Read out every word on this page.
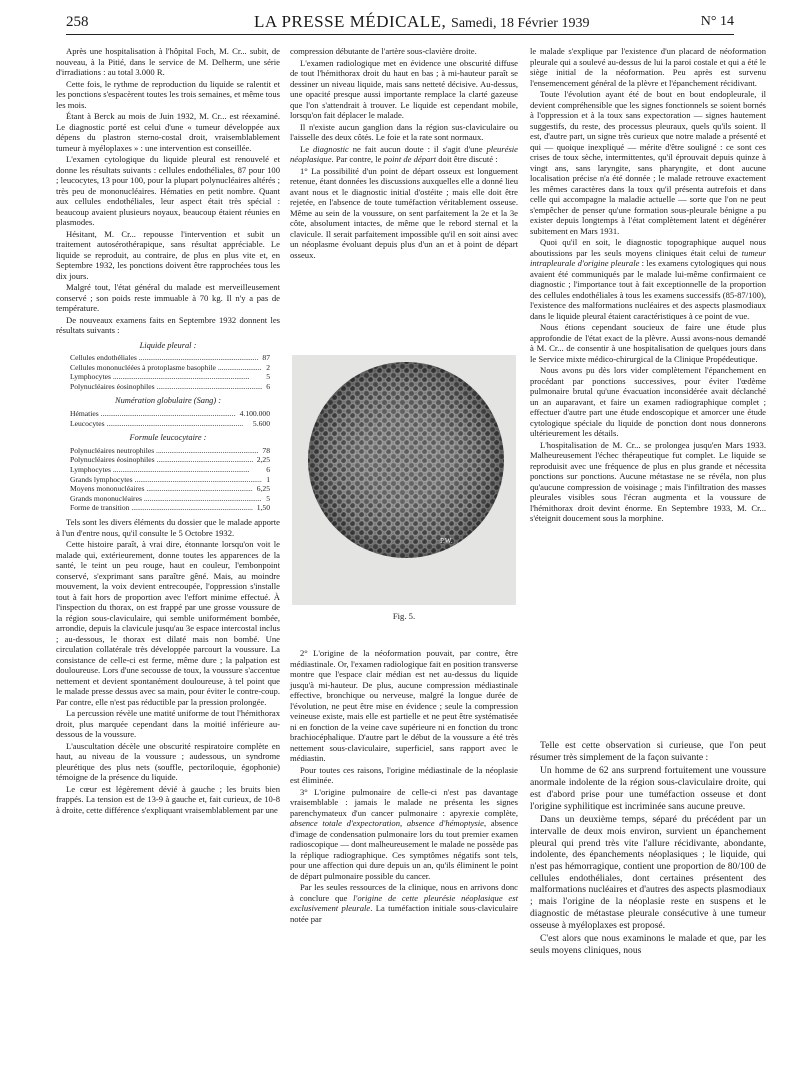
258	LA PRESSE MÉDICALE, Samedi, 18 Février 1939	N° 14

Après une hospitalisation à l'hôpital Foch, M. Cr... subit, de nouveau, à la Pitié, dans le service de M. Delherm, une série d'irradiations : au total 3.000 R.

Cette fois, le rythme de reproduction du liquide se ralentit et les ponctions s'espacèrent toutes les trois semaines, et même tous les mois.

Étant à Berck au mois de Juin 1932, M. Cr... est réexaminé. Le diagnostic porté est celui d'une « tumeur développée aux dépens du plastron sterno-costal droit, vraisemblablement tumeur à myéloplaxes » : une intervention est conseillée.

L'examen cytologique du liquide pleural est renouvelé et donne les résultats suivants : cellules endothéliales, 87 pour 100 ; leucocytes, 13 pour 100, pour la plupart polynucléaires altérés ; très peu de mononucléaires. Hématies en petit nombre. Quant aux cellules endothéliales, leur aspect était très spécial : beaucoup avaient plusieurs noyaux, beaucoup étaient réunies en plasmodes.

Hésitant, M. Cr... repousse l'intervention et subit un traitement autosérothérapique, sans résultat appréciable. Le liquide se reproduit, au contraire, de plus en plus vite et, en Septembre 1932, les ponctions doivent être rapprochées tous les dix jours.

Malgré tout, l'état général du malade est merveilleusement conservé ; son poids reste immuable à 70 kg. Il n'y a pas de température.

De nouveaux examens faits en Septembre 1932 donnent les résultats suivants :

Liquide pleural :
Cellules endothéliales .....	87
Cellules mononucléées à protoplasme basophile .....	2
Lymphocytes .....	5
Polynucléaires éosinophiles .....	6
Numération globulaire (Sang) :
Hématies .....	4.100.000
Leucocytes .....	5.600
Formule leucocytaire :
Polynucléaires neutrophiles .....	78
Polynucléaires éosinophiles .....	2,25
Lymphocytes .....	6
Grands lymphocytes .....	1
Moyens mononucléaires .....	6,25
Grands mononucléaires .....	5
Forme de transition .....	1,50

Tels sont les divers éléments du dossier que le malade apporte à l'un d'entre nous, qu'il consulte le 5 Octobre 1932.

Cette histoire paraît, à vrai dire, étonnante lorsqu'on voit le malade qui, extérieurement, donne toutes les apparences de la santé, le teint un peu rouge, haut en couleur, l'embonpoint conservé, s'exprimant sans paraître gêné. Mais, au moindre mouvement, la voix devient entrecoupée, l'oppression s'installe tout à fait hors de proportion avec l'effort minime effectué. À l'inspection du thorax, on est frappé par une grosse voussure de la région sous-claviculaire, qui semble uniformément bombée, arrondie, depuis la clavicule jusqu'au 3e espace intercostal inclus ; au-dessous, le thorax est dilaté mais non bombé. Une circulation collatérale très développée parcourt la voussure. La consistance de celle-ci est ferme, même dure ; la palpation est douloureuse. Lors d'une secousse de toux, la voussure s'accentue nettement et devient spontanément douloureuse, à tel point que le malade presse dessus avec sa main, pour éviter le contre-coup. Par contre, elle n'est pas réductible par la pression prolongée.

La percussion révèle une matité uniforme de tout l'hémithorax droit, plus marquée cependant dans la moitié inférieure au-dessous de la voussure.

L'auscultation décèle une obscurité respiratoire complète en haut, au niveau de la voussure ; audessous, un syndrome pleurétique des plus nets (souffle, pectoriloquie, égophonie) témoigne de la présence du liquide.

Le cœur est légèrement dévié à gauche ; les bruits bien frappés. La tension est de 13-9 à gauche et, fait curieux, de 10-8 à droite, cette différence s'expliquant vraisemblablement par une

compression débutante de l'artère sous-clavière droite.

L'examen radiologique met en évidence une obscurité diffuse de tout l'hémithorax droit du haut en bas ; à mi-hauteur paraît se dessiner un niveau liquide, mais sans netteté décisive. Au-dessus, une opacité presque aussi importante remplace la clarté gazeuse que l'on s'attendrait à trouver. Le liquide est cependant mobile, lorsqu'on fait déplacer le malade.

Il n'existe aucun ganglion dans la région sus-claviculaire ou l'aisselle des deux côtés. Le foie et la rate sont normaux.

Le diagnostic ne fait aucun doute : il s'agit d'une pleurésie néoplasique. Par contre, le point de départ doit être discuté :

1° La possibilité d'un point de départ osseux est longuement retenue, étant données les discussions auxquelles elle a donné lieu avant nous et le diagnostic initial d'ostéite ; mais elle doit être rejetée, en l'absence de toute tuméfaction véritablement osseuse. Même au sein de la voussure, on sent parfaitement la 2e et la 3e côte, absolument intactes, de même que le rebord sternal et la clavicule. Il serait parfaitement impossible qu'il en soit ainsi avec un néoplasme évoluant depuis plus d'un an et à point de départ osseux.

P.W.
Fig. 5.

2° L'origine de la néoformation pouvait, par contre, être médiastinale. Or, l'examen radiologique fait en position transverse montre que l'espace clair médian est net au-dessus du liquide jusqu'à mi-hauteur. De plus, aucune compression médiastinale effective, bronchique ou nerveuse, malgré la longue durée de l'évolution, ne peut être mise en évidence ; seule la compression veineuse existe, mais elle est partielle et ne peut être systématisée ni en fonction de la veine cave supérieure ni en fonction du tronc brachiocéphalique. D'autre part le début de la voussure a été très nettement sous-claviculaire, superficiel, sans rapport avec le médiastin.

Pour toutes ces raisons, l'origine médiastinale de la néoplasie est éliminée.

3° L'origine pulmonaire de celle-ci n'est pas davantage vraisemblable : jamais le malade ne présenta les signes parenchymateux d'un cancer pulmonaire : apyrexie complète, absence totale d'expectoration, absence d'hémoptysie, absence d'image de condensation pulmonaire lors du tout premier examen radioscopique — dont malheureusement le malade ne possède pas la réplique radiographique. Ces symptômes négatifs sont tels, pour une affection qui dure depuis un an, qu'ils éliminent le point de départ pulmonaire possible du cancer.

Par les seules ressources de la clinique, nous en arrivons donc à conclure que l'origine de cette pleurésie néoplasique est exclusivement pleurale. La tuméfaction initiale sous-claviculaire notée par

le malade s'explique par l'existence d'un placard de néoformation pleurale qui a soulevé au-dessus de lui la paroi costale et qui a été le siège initial de la néoformation. Peu après est survenu l'ensemencement général de la plèvre et l'épanchement récidivant.

Toute l'évolution ayant été de bout en bout endopleurale, il devient compréhensible que les signes fonctionnels se soient bornés à l'oppression et à la toux sans expectoration — signes hautement suggestifs, du reste, des processus pleuraux, quels qu'ils soient. Il est, d'autre part, un signe très curieux que notre malade a présenté et qui — quoique inexpliqué — mérite d'être souligné : ce sont ces crises de toux sèche, intermittentes, qu'il éprouvait depuis quinze à vingt ans, sans laryngite, sans pharyngite, et dont aucune localisation précise n'a été donnée ; le malade retrouve exactement les mêmes caractères dans la toux qu'il présenta autrefois et dans celle qui accompagne la maladie actuelle — sorte que l'on ne peut s'empêcher de penser qu'une formation sous-pleurale bénigne a pu exister depuis longtemps à l'état complètement latent et dégénérer subitement en Mars 1931.

Quoi qu'il en soit, le diagnostic topographique auquel nous aboutissions par les seuls moyens cliniques était celui de tumeur intrapleurale d'origine pleurale : les examens cytologiques qui nous avaient été communiqués par le malade lui-même confirmaient ce diagnostic ; l'importance tout à fait exceptionnelle de la proportion des cellules endothéliales à tous les examens successifs (85-87/100), l'existence des malformations nucléaires et des aspects plasmodiaux dans le liquide pleural étaient caractéristiques à ce point de vue.

Nous étions cependant soucieux de faire une étude plus approfondie de l'état exact de la plèvre. Aussi avons-nous demandé à M. Cr... de consentir à une hospitalisation de quelques jours dans le Service mixte médico-chirurgical de la Clinique Propédeutique.

Nous avons pu dès lors vider complètement l'épanchement en procédant par ponctions successives, pour éviter l'œdème pulmonaire brutal qu'une évacuation inconsidérée avait déclanché un an auparavant, et faire un examen radiographique complet ; effectuer d'autre part une étude endoscopique et amorcer une étude cytologique spéciale du liquide de ponction dont nous donnerons ultérieurement les détails.

L'hospitalisation de M. Cr... se prolongea jusqu'en Mars 1933. Malheureusement l'échec thérapeutique fut complet. Le liquide se reproduisit avec une fréquence de plus en plus grande et nécessita ponctions sur ponctions. Aucune métastase ne se révéla, non plus qu'aucune compression de voisinage ; mais l'infiltration des masses pleurales visibles sous l'écran augmenta et la voussure de l'hémithorax droit devint énorme. En Septembre 1933, M. Cr... s'éteignit doucement sous la morphine.

Telle est cette observation si curieuse, que l'on peut résumer très simplement de la façon suivante :

Un homme de 62 ans surprend fortuitement une voussure anormale indolente de la région sous-claviculaire droite, qui est d'abord prise pour une tuméfaction osseuse et dont l'origine syphilitique est incriminée sans aucune preuve.

Dans un deuxième temps, séparé du précédent par un intervalle de deux mois environ, survient un épanchement pleural qui prend très vite l'allure récidivante, abondante, indolente, des épanchements néoplasiques ; le liquide, qui n'est pas hémorragique, contient une proportion de 80/100 de cellules endothéliales, dont certaines présentent des malformations nucléaires et d'autres des aspects plasmodiaux ; mais l'origine de la néoplasie reste en suspens et le diagnostic de métastase pleurale consécutive à une tumeur osseuse à myéloplaxes est proposé.

C'est alors que nous examinons le malade et que, par les seuls moyens cliniques, nous
